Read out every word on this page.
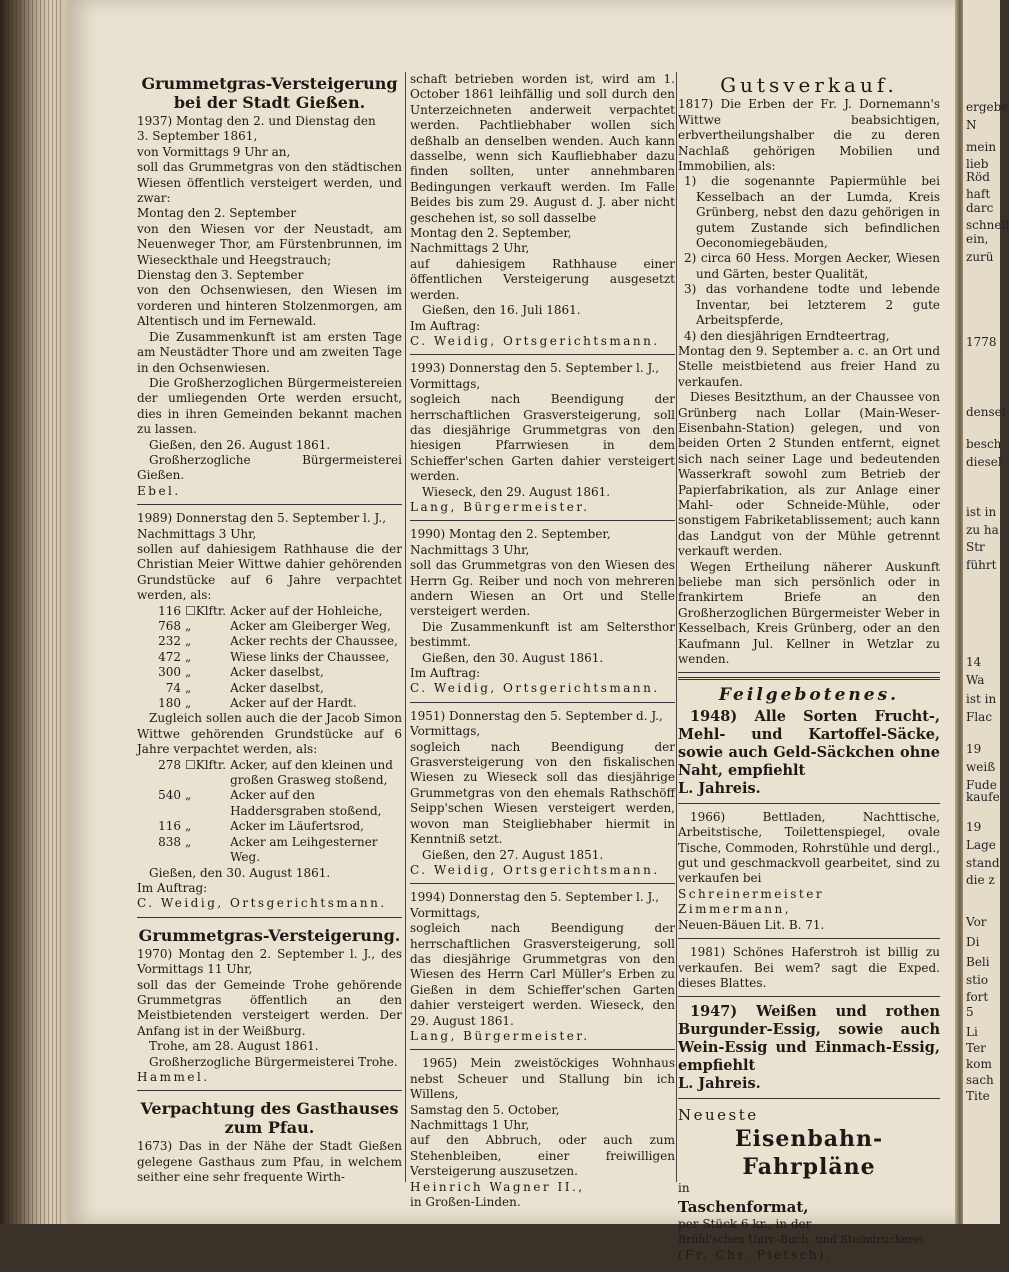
ergebe
N
mein
lieb
Röd
haft
darc
schnell
ein,
zurü
1778
densel
besch
diesel
ist in
zu ha
Str
führt
14
Wa
ist in
Flac
19
weiß
Fude
kaufe
19
Lage
stand
die z
Vor
Di
Beli
stio
fort
5
Li
Ter
kom
sach
Tite
Grummetgras-Versteigerung bei der Stadt Gießen.

1937) Montag den 2. und Dienstag den

3. September 1861,

von Vormittags 9 Uhr an,

soll das Grummetgras von den städtischen Wiesen öffentlich versteigert werden, und zwar:

Montag den 2. September

von den Wiesen vor der Neustadt, am Neuenweger Thor, am Fürstenbrunnen, im Wieseckthale und Heegstrauch;

Dienstag den 3. September

von den Ochsenwiesen, den Wiesen im vorderen und hinteren Stolzenmorgen, am Altentisch und im Fernewald.

Die Zusammenkunft ist am ersten Tage am Neustädter Thore und am zweiten Tage in den Ochsenwiesen.

Die Großherzoglichen Bürgermeistereien der umliegenden Orte werden ersucht, dies in ihren Gemeinden bekannt machen zu lassen.

Gießen, den 26. August 1861.

Großherzogliche Bürgermeisterei Gießen.

Ebel.

1989) Donnerstag den 5. September l. J.,

Nachmittags 3 Uhr,

sollen auf dahiesigem Rathhause die der Christian Meier Wittwe dahier gehörenden Grundstücke auf 6 Jahre verpachtet werden, als:

116	☐Klftr.	Acker auf der Hohleiche,
768	„	Acker am Gleiberger Weg,
232	„	Acker rechts der Chaussee,
472	„	Wiese links der Chaussee,
300	„	Acker daselbst,
74	„	Acker daselbst,
180	„	Acker auf der Hardt.

Zugleich sollen auch die der Jacob Simon Wittwe gehörenden Grundstücke auf 6 Jahre verpachtet werden, als:

278	☐Klftr.	Acker, auf den kleinen und großen Grasweg stoßend,
540	„	Acker auf den Haddersgraben stoßend,
116	„	Acker im Läufertsrod,
838	„	Acker am Leihgesterner Weg.

Gießen, den 30. August 1861.

Im Auftrag:

C. Weidig, Ortsgerichtsmann.

Grummetgras-Versteigerung.

1970) Montag den 2. September l. J., des Vormittags 11 Uhr,

soll das der Gemeinde Trohe gehörende Grummetgras öffentlich an den Meistbietenden versteigert werden. Der Anfang ist in der Weißburg.

Trohe, am 28. August 1861.

Großherzogliche Bürgermeisterei Trohe.

Hammel.

Verpachtung des Gasthauses zum Pfau.

1673) Das in der Nähe der Stadt Gießen gelegene Gasthaus zum Pfau, in welchem seither eine sehr frequente Wirth-

schaft betrieben worden ist, wird am 1. October 1861 leihfällig und soll durch den Unterzeichneten anderweit verpachtet werden. Pachtliebhaber wollen sich deßhalb an denselben wenden. Auch kann dasselbe, wenn sich Kaufliebhaber dazu finden sollten, unter annehmbaren Bedingungen verkauft werden. Im Falle Beides bis zum 29. August d. J. aber nicht geschehen ist, so soll dasselbe

Montag den 2. September,

Nachmittags 2 Uhr,

auf dahiesigem Rathhause einer öffentlichen Versteigerung ausgesetzt werden.

Gießen, den 16. Juli 1861.

Im Auftrag:

C. Weidig, Ortsgerichtsmann.

1993) Donnerstag den 5. September l. J.,

Vormittags,

sogleich nach Beendigung der herrschaftlichen Grasversteigerung, soll das diesjährige Grummetgras von den hiesigen Pfarrwiesen in dem Schieffer'schen Garten dahier versteigert werden.

Wieseck, den 29. August 1861.

Lang, Bürgermeister.

1990) Montag den 2. September,

Nachmittags 3 Uhr,

soll das Grummetgras von den Wiesen des Herrn Gg. Reiber und noch von mehreren andern Wiesen an Ort und Stelle versteigert werden.

Die Zusammenkunft ist am Seltersthor bestimmt.

Gießen, den 30. August 1861.

Im Auftrag:

C. Weidig, Ortsgerichtsmann.

1951) Donnerstag den 5. September d. J.,

Vormittags,

sogleich nach Beendigung der Grasversteigerung von den fiskalischen Wiesen zu Wieseck soll das diesjährige Grummetgras von den ehemals Rathschöff Seipp'schen Wiesen versteigert werden, wovon man Steigliebhaber hiermit in Kenntniß setzt.

Gießen, den 27. August 1851.

C. Weidig, Ortsgerichtsmann.

1994) Donnerstag den 5. September l. J.,

Vormittags,

sogleich nach Beendigung der herrschaftlichen Grasversteigerung, soll das diesjährige Grummetgras von den Wiesen des Herrn Carl Müller's Erben zu Gießen in dem Schieffer'schen Garten dahier versteigert werden. Wieseck, den 29. August 1861.

Lang, Bürgermeister.

1965) Mein zweistöckiges Wohnhaus nebst Scheuer und Stallung bin ich Willens,

Samstag den 5. October,

Nachmittags 1 Uhr,

auf den Abbruch, oder auch zum Stehenbleiben, einer freiwilligen Versteigerung auszusetzen.

Heinrich Wagner II.,

in Großen-Linden.

Gutsverkauf.

1817) Die Erben der Fr. J. Dornemann's Wittwe beabsichtigen, erbvertheilungshalber die zu deren Nachlaß gehörigen Mobilien und Immobilien, als:

1) die sogenannte Papiermühle bei Kesselbach an der Lumda, Kreis Grünberg, nebst den dazu gehörigen in gutem Zustande sich befindlichen Oeconomiegebäuden,

2) circa 60 Hess. Morgen Aecker, Wiesen und Gärten, bester Qualität,

3) das vorhandene todte und lebende Inventar, bei letzterem 2 gute Arbeitspferde,

4) den diesjährigen Erndteertrag,

Montag den 9. September a. c. an Ort und Stelle meistbietend aus freier Hand zu verkaufen.

Dieses Besitzthum, an der Chaussee von Grünberg nach Lollar (Main-Weser-Eisenbahn-Station) gelegen, und von beiden Orten 2 Stunden entfernt, eignet sich nach seiner Lage und bedeutenden Wasserkraft sowohl zum Betrieb der Papierfabrikation, als zur Anlage einer Mahl- oder Schneide-Mühle, oder sonstigem Fabriketablissement; auch kann das Landgut von der Mühle getrennt verkauft werden.

Wegen Ertheilung näherer Auskunft beliebe man sich persönlich oder in frankirtem Briefe an den Großherzoglichen Bürgermeister Weber in Kesselbach, Kreis Grünberg, oder an den Kaufmann Jul. Kellner in Wetzlar zu wenden.

Feilgebotenes.

1948) Alle Sorten Frucht-, Mehl- und Kartoffel-Säcke, sowie auch Geld-Säckchen ohne Naht, empfiehlt

L. Jahreis.

1966) Bettladen, Nachttische, Arbeitstische, Toilettenspiegel, ovale Tische, Commoden, Rohrstühle und dergl., gut und geschmackvoll gearbeitet, sind zu verkaufen bei

Schreinermeister Zimmermann,

Neuen-Bäuen Lit. B. 71.

1981) Schönes Haferstroh ist billig zu verkaufen. Bei wem? sagt die Exped. dieses Blattes.

1947) Weißen und rothen Burgunder-Essig, sowie auch Wein-Essig und Einmach-Essig, empfiehlt

L. Jahreis.

Neueste

Eisenbahn-Fahrpläne

in

Taschenformat,

per Stück 6 kr., in der

Brühl'schen Univ.-Buch- und Steindruckerei

(Fr. Chr. Pietsch).
